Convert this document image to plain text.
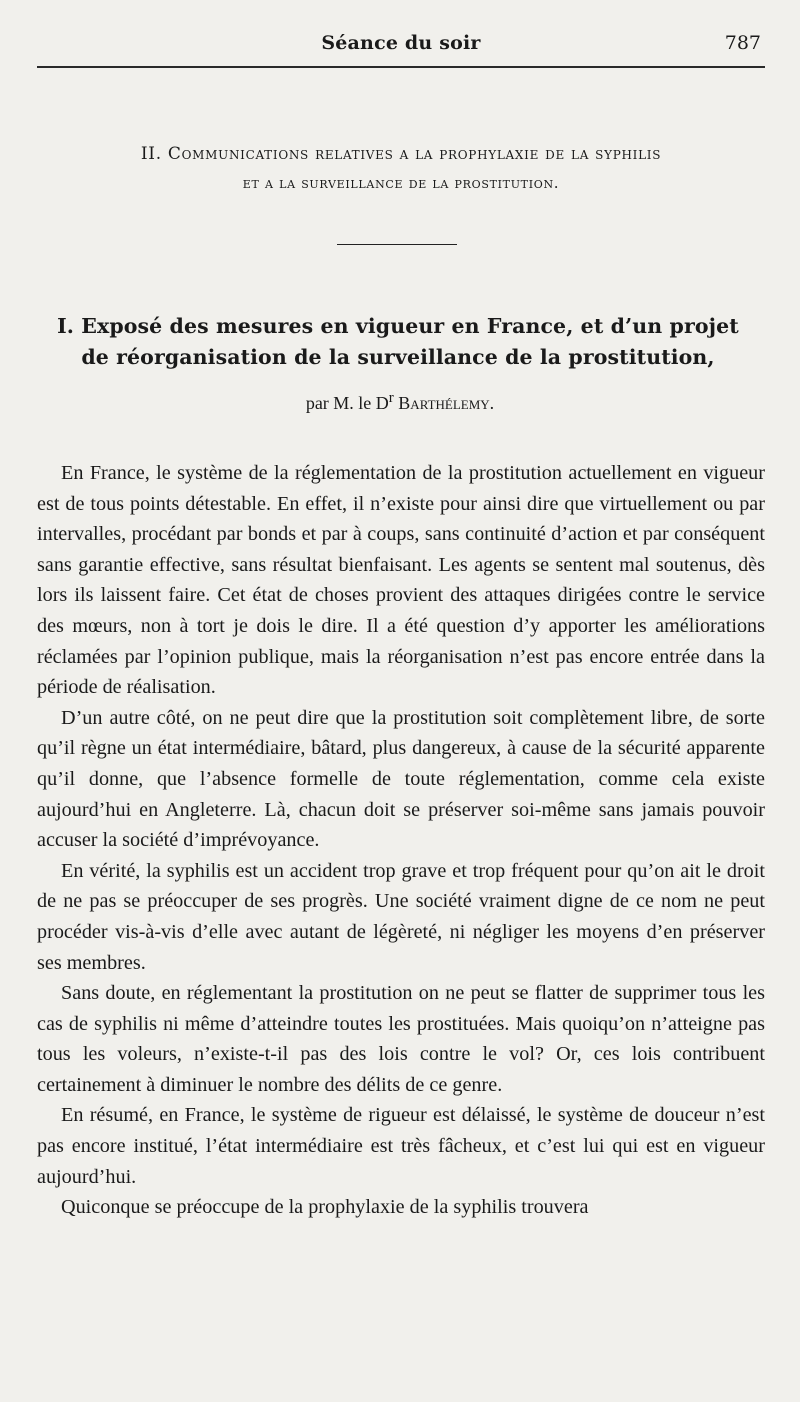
Séance du soir	787
II. Communications relatives a la prophylaxie de la syphilis
et a la surveillance de la prostitution.
I. Exposé des mesures en vigueur en France, et d’un projet
de réorganisation de la surveillance de la prostitution,
par M. le $D^r$ Barthélemy.

En France, le système de la réglementation de la prostitution actuellement en vigueur est de tous points détestable. En effet, il n’existe pour ainsi dire que virtuellement ou par intervalles, procédant par bonds et par à coups, sans continuité d’action et par conséquent sans garantie effective, sans résultat bienfaisant. Les agents se sentent mal soutenus, dès lors ils laissent faire. Cet état de choses provient des attaques dirigées contre le service des mœurs, non à tort je dois le dire. Il a été question d’y apporter les améliorations réclamées par l’opinion publique, mais la réorganisation n’est pas encore entrée dans la période de réalisation.

D’un autre côté, on ne peut dire que la prostitution soit complètement libre, de sorte qu’il règne un état intermédiaire, bâtard, plus dangereux, à cause de la sécurité apparente qu’il donne, que l’absence formelle de toute réglementation, comme cela existe aujourd’hui en Angleterre. Là, chacun doit se préserver soi-même sans jamais pouvoir accuser la société d’imprévoyance.

En vérité, la syphilis est un accident trop grave et trop fréquent pour qu’on ait le droit de ne pas se préoccuper de ses progrès. Une société vraiment digne de ce nom ne peut procéder vis-à-vis d’elle avec autant de légèreté, ni négliger les moyens d’en préserver ses membres.

Sans doute, en réglementant la prostitution on ne peut se flatter de supprimer tous les cas de syphilis ni même d’atteindre toutes les prostituées. Mais quoiqu’on n’atteigne pas tous les voleurs, n’existe-t-il pas des lois contre le vol? Or, ces lois contribuent certainement à diminuer le nombre des délits de ce genre.

En résumé, en France, le système de rigueur est délaissé, le système de douceur n’est pas encore institué, l’état intermédiaire est très fâcheux, et c’est lui qui est en vigueur aujourd’hui.

Quiconque se préoccupe de la prophylaxie de la syphilis trouvera
